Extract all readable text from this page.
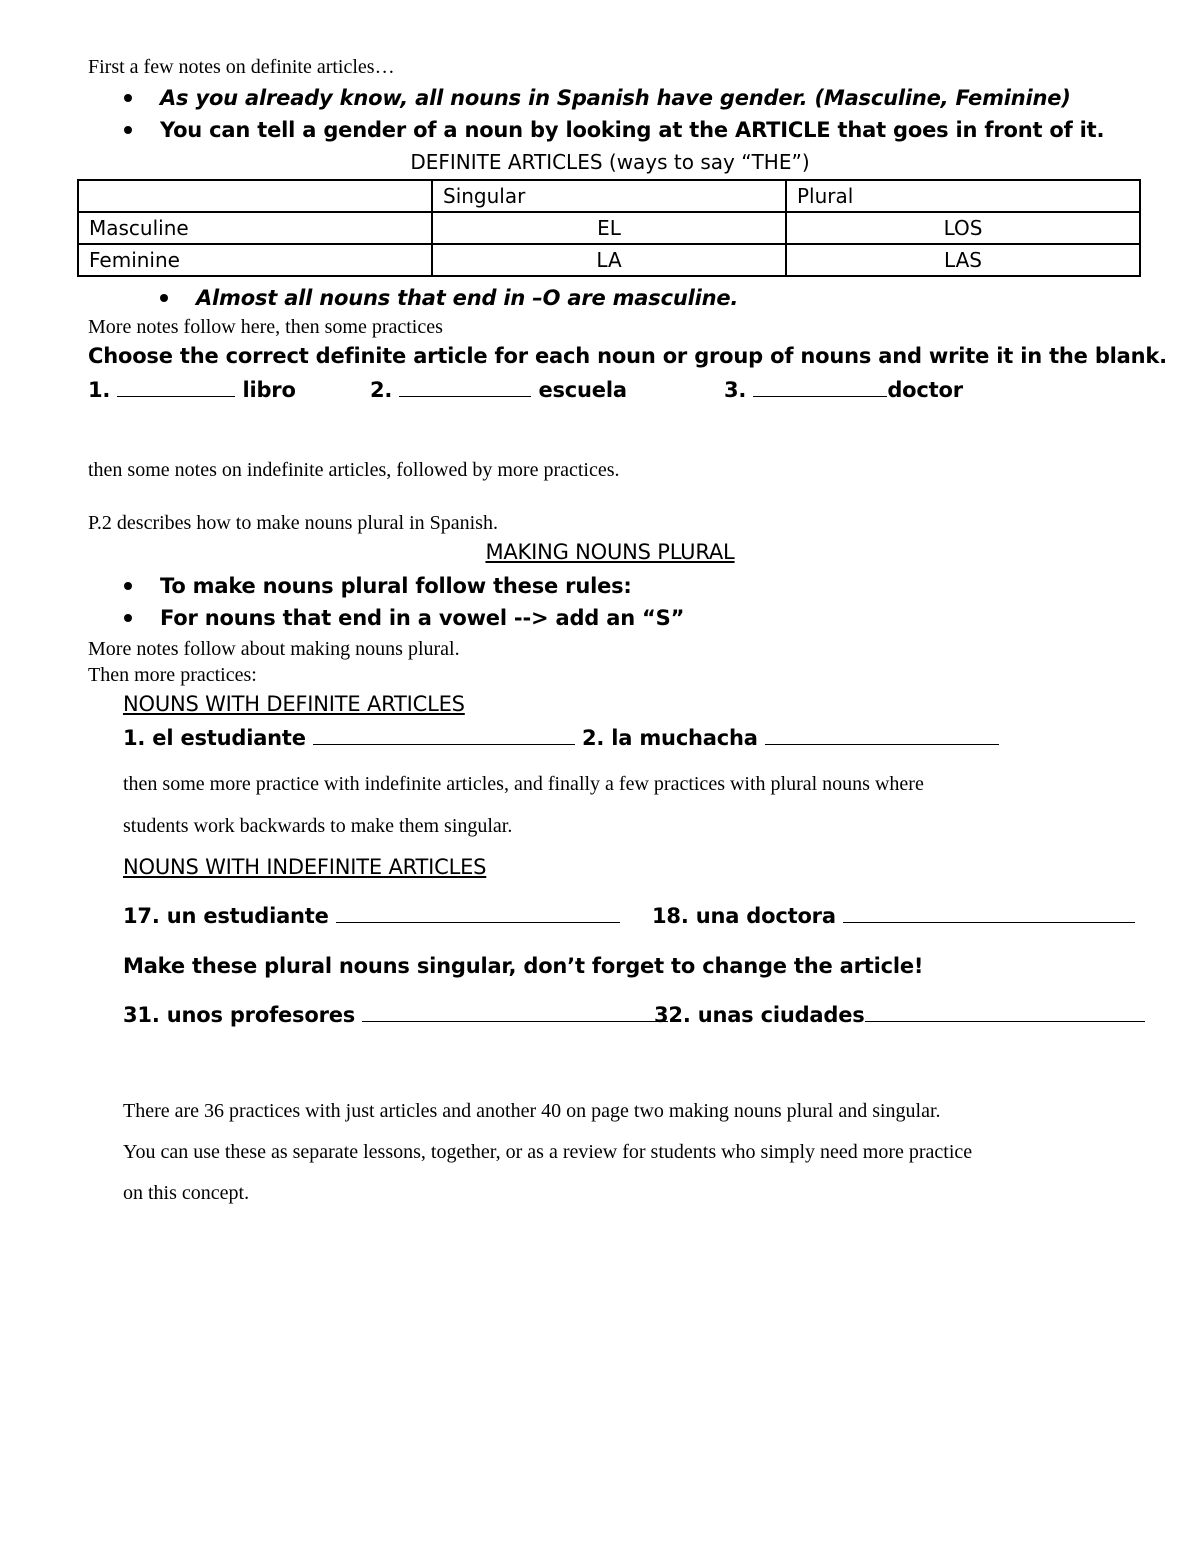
First a few notes on definite articles…
As you already know, all nouns in Spanish have gender. (Masculine, Feminine)
You can tell a gender of a noun by looking at the ARTICLE that goes in front of it.
DEFINITE ARTICLES (ways to say “THE”)
	Singular	Plural
Masculine	EL	LOS
Feminine	LA	LAS
Almost all nouns that end in –O are masculine.
More notes follow here, then some practices
Choose the correct definite article for each noun or group of nouns and write it in the blank.
1.	libro	2.	escuela	3.	doctor
then some notes on indefinite articles, followed by more practices.
P.2 describes how to make nouns plural in Spanish.
MAKING NOUNS PLURAL
To make nouns plural follow these rules:
For nouns that end in a vowel --> add an “S”
More notes follow about making nouns plural.
Then more practices:
NOUNS WITH DEFINITE ARTICLES
1. el estudiante	2. la muchacha
then some more practice with indefinite articles, and finally a few practices with plural nouns where
students work backwards to make them singular.
NOUNS WITH INDEFINITE ARTICLES
17. un estudiante	18. una doctora
Make these plural nouns singular, don’t forget to change the article!
31. unos profesores	32. unas ciudades
There are 36 practices with just articles and another 40 on page two making nouns plural and singular.
You can use these as separate lessons, together, or as a review for students who simply need more practice
on this concept.
